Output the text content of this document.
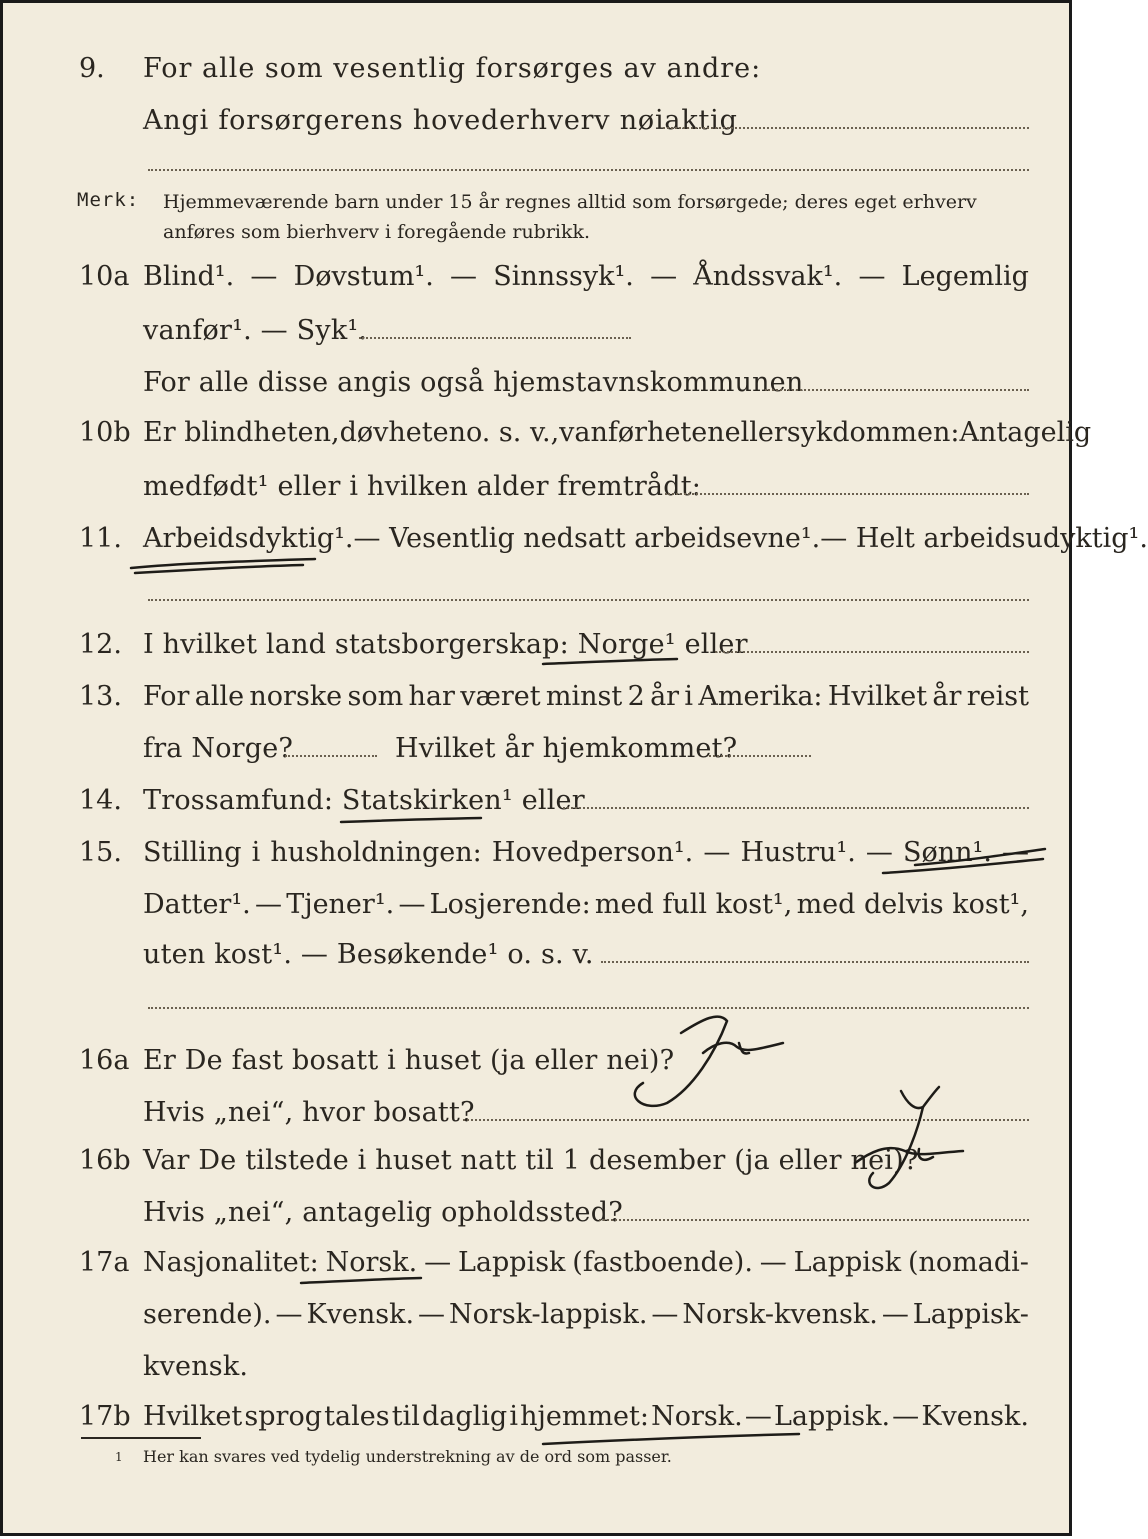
9. For alle som vesentlig forsørges av andre:
Angi forsørgerens hovederhverv nøiaktig
Merk: Hjemmeværende barn under 15 år regnes alltid som forsørgede; deres eget erhverv anføres som bierhverv i foregående rubrikk.
10a Blind¹. — Døvstum¹. — Sinnssyk¹. — Åndssvak¹. — Legemlig
vanfør¹. — Syk¹.
For alle disse angis også hjemstavnskommunen
10b Er blindheten, døvheten o. s. v., vanførheten eller sykdommen: Antagelig
medfødt¹ eller i hvilken alder fremtrådt:
11. Arbeidsdyktig¹. — Vesentlig nedsatt arbeidsevne¹. — Helt arbeidsudyktig¹.
12. I hvilket land statsborgerskap: Norge¹ eller
13. For alle norske som har været minst 2 år i Amerika: Hvilket år reist
fra Norge?	Hvilket år hjemkommet?
14. Trossamfund: Statskirken¹ eller
15. Stilling i husholdningen: Hovedperson¹. — Hustru¹. — Sønn¹. —
Datter¹. — Tjener¹. — Losjerende: med full kost¹, med delvis kost¹,
uten kost¹. — Besøkende¹ o. s. v.
16a Er De fast bosatt i huset (ja eller nei)?
Hvis „nei“, hvor bosatt?
16b Var De tilstede i huset natt til 1 desember (ja eller nei)?
Hvis „nei“, antagelig opholdssted?
17a Nasjonalitet: Norsk. — Lappisk (fastboende). — Lappisk (nomadi-
serende). — Kvensk. — Norsk-lappisk. — Norsk-kvensk. — Lappisk-
kvensk.
17b Hvilket sprog tales til daglig i hjemmet: Norsk. — Lappisk. — Kvensk.
1 Her kan svares ved tydelig understrekning av de ord som passer.
